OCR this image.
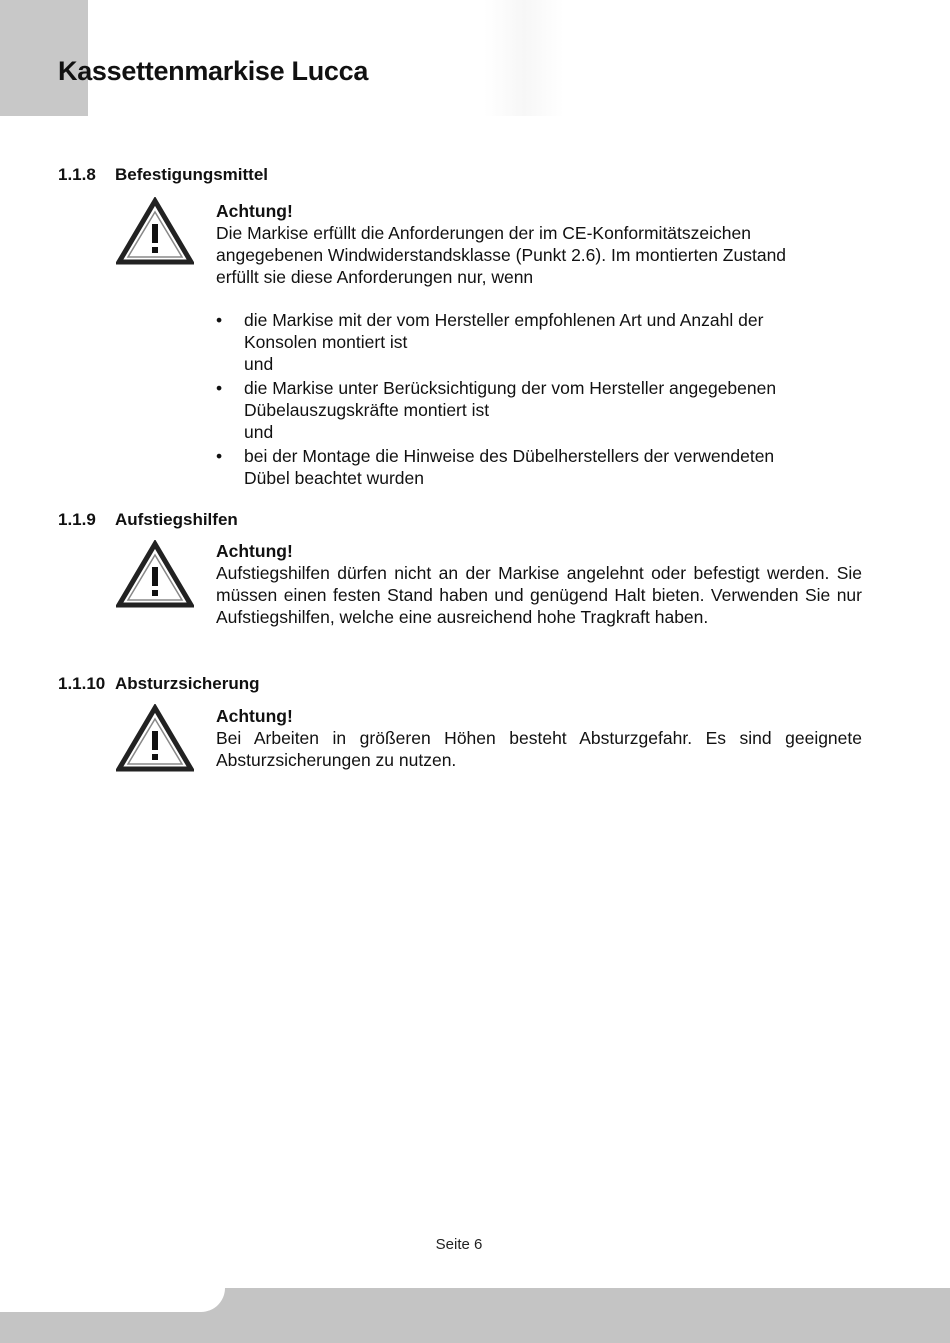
Kassettenmarkise Lucca
1.1.8 Befestigungsmittel
Achtung!
Die Markise erfüllt die Anforderungen der im CE-Konformitätszeichen
angegebenen Windwiderstandsklasse (Punkt 2.6). Im montierten Zustand
erfüllt sie diese Anforderungen nur, wenn
• die Markise mit der vom Hersteller empfohlenen Art und Anzahl der
Konsolen montiert ist
und
• die Markise unter Berücksichtigung der vom Hersteller angegebenen
Dübelauszugskräfte montiert ist
und
• bei der Montage die Hinweise des Dübelherstellers der verwendeten
Dübel beachtet wurden
1.1.9 Aufstiegshilfen
Achtung!
Aufstiegshilfen dürfen nicht an der Markise angelehnt oder befestigt werden. Sie müssen einen festen Stand haben und genügend Halt bieten. Verwenden Sie nur Aufstiegshilfen, welche eine ausreichend hohe Tragkraft haben.
1.1.10 Absturzsicherung
Achtung!
Bei Arbeiten in größeren Höhen besteht Absturzgefahr. Es sind geeignete Absturzsicherungen zu nutzen.
Seite 6
